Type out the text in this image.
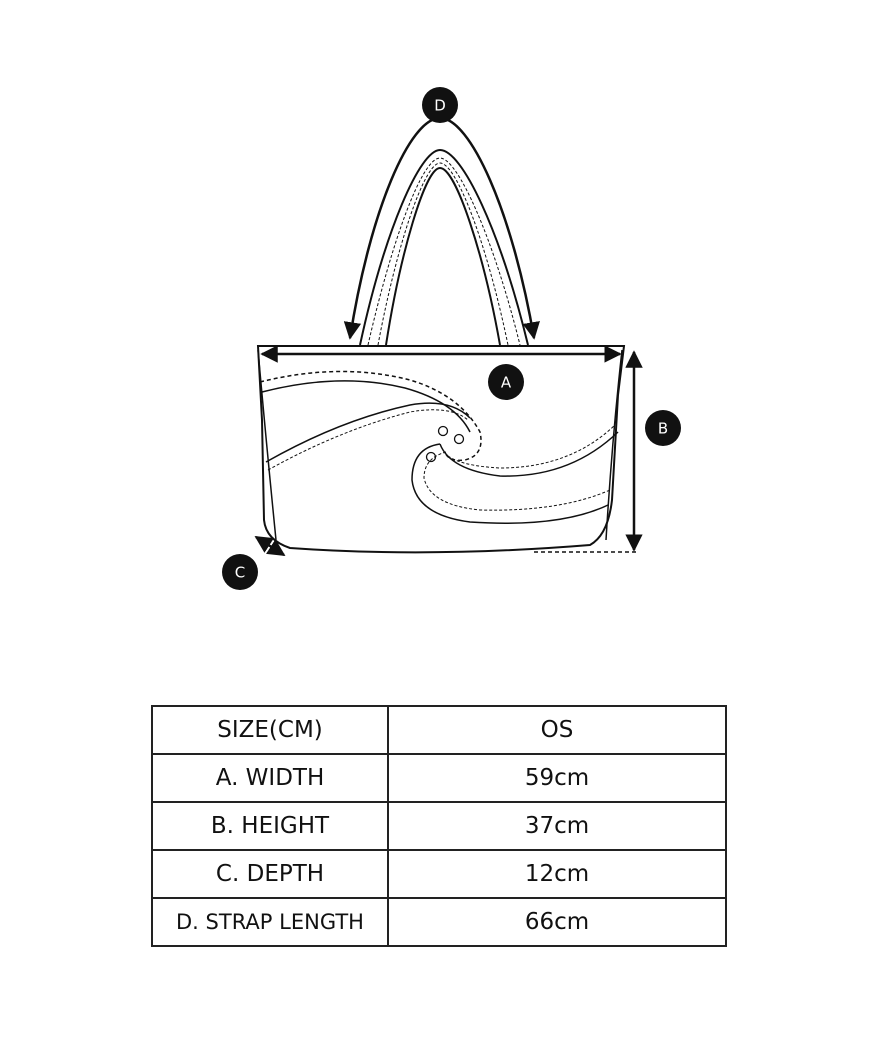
A
B
C
D
SIZE(CM)	OS
A. WIDTH	59cm
B. HEIGHT	37cm
C. DEPTH	12cm
D. STRAP LENGTH	66cm
